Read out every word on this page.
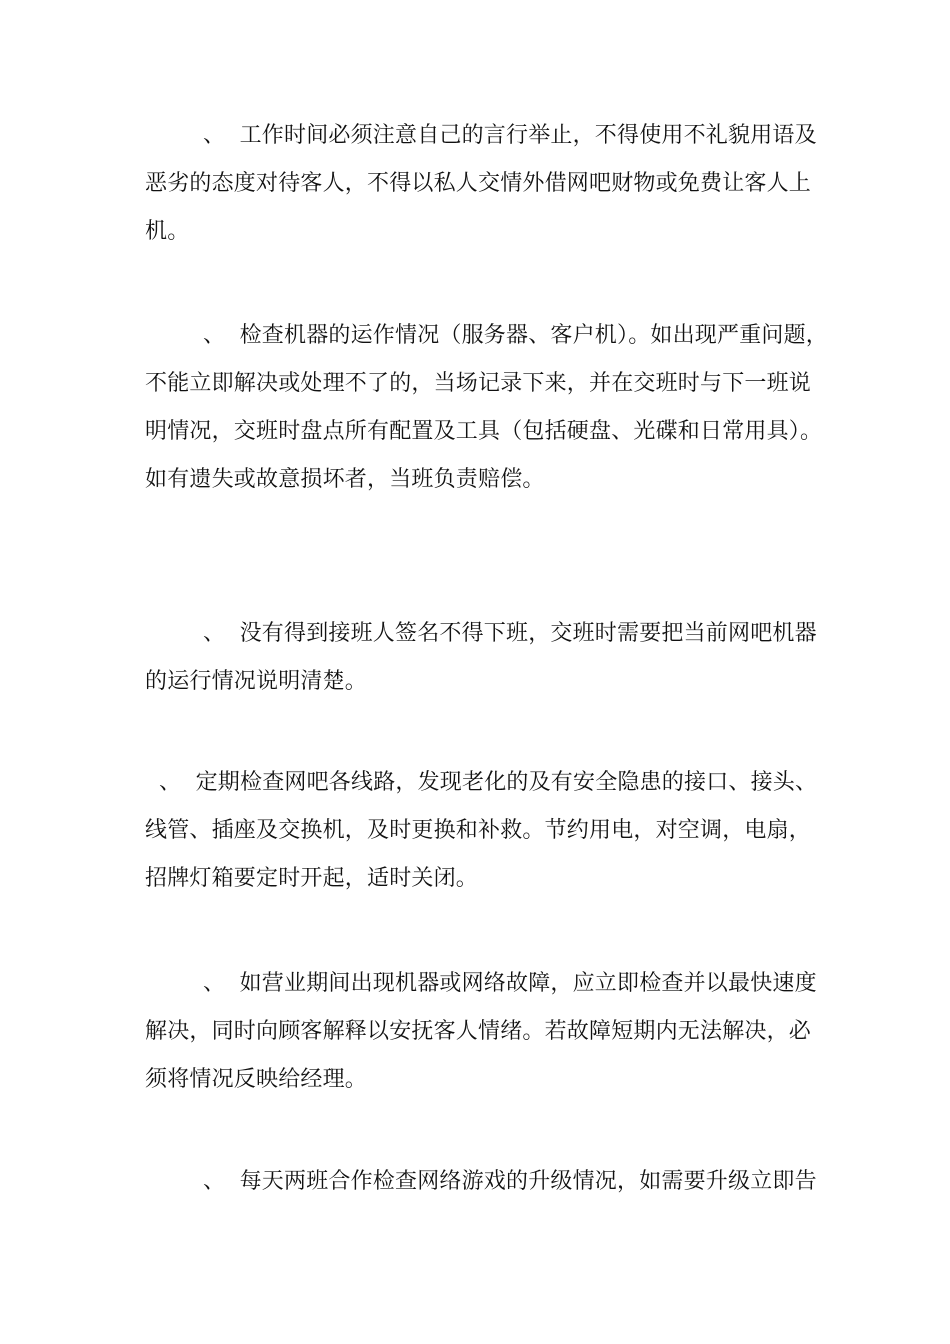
、 工作时间必须注意自己的言行举止，不得使用不礼貌用语及
恶劣的态度对待客人，不得以私人交情外借网吧财物或免费让客人上
机。
、 检查机器的运作情况（服务器、客户机）。如出现严重问题，
不能立即解决或处理不了的，当场记录下来，并在交班时与下一班说
明情况，交班时盘点所有配置及工具（包括硬盘、光碟和日常用具）。
如有遗失或故意损坏者，当班负责赔偿。
、 没有得到接班人签名不得下班，交班时需要把当前网吧机器
的运行情况说明清楚。
、 定期检查网吧各线路，发现老化的及有安全隐患的接口、接头、
线管、插座及交换机，及时更换和补救。节约用电，对空调，电扇，
招牌灯箱要定时开起，适时关闭。
、 如营业期间出现机器或网络故障，应立即检查并以最快速度
解决，同时向顾客解释以安抚客人情绪。若故障短期内无法解决，必
须将情况反映给经理。
、 每天两班合作检查网络游戏的升级情况，如需要升级立即告
